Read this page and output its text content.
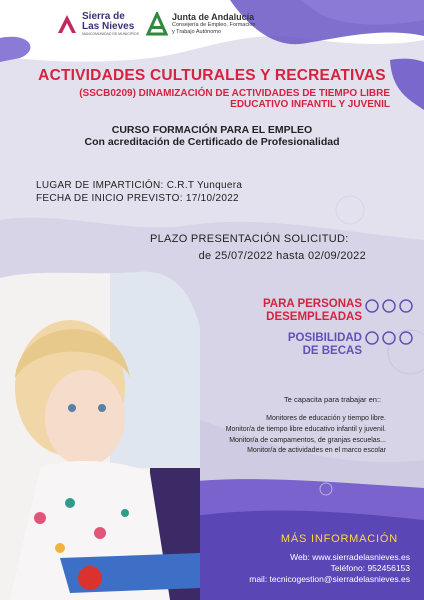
Sierra de
Las Nieves
MANCOMUNIDAD DE MUNICIPIOS
Junta de Andalucía
Consejería de Empleo, Formación
y Trabajo Autónomo
ACTIVIDADES CULTURALES Y RECREATIVAS
(SSCB0209) DINAMIZACIÓN DE ACTIVIDADES DE TIEMPO LIBRE
EDUCATIVO INFANTIL Y JUVENIL
CURSO FORMACIÓN PARA EL EMPLEO
Con acreditación de Certificado de Profesionalidad
LUGAR DE IMPARTICIÓN: C.R.T Yunquera
FECHA DE INICIO PREVISTO: 17/10/2022
PLAZO PRESENTACIÓN SOLICITUD:
de 25/07/2022 hasta 02/09/2022
PARA PERSONAS
DESEMPLEADAS
POSIBILIDAD
DE BECAS
Te capacita para trabajar en::
Monitores de educación y tiempo libre.
Monitor/a de tiempo libre educativo infantil y juvenil.
Monitor/a de campamentos, de granjas escuelas...
Monitor/a de actividades en el marco escolar
MÁS INFORMACIÓN
Web: www.sierradelasnieves.es
Teléfono: 952456153
mail: tecnicogestion@sierradelasnieves.es
